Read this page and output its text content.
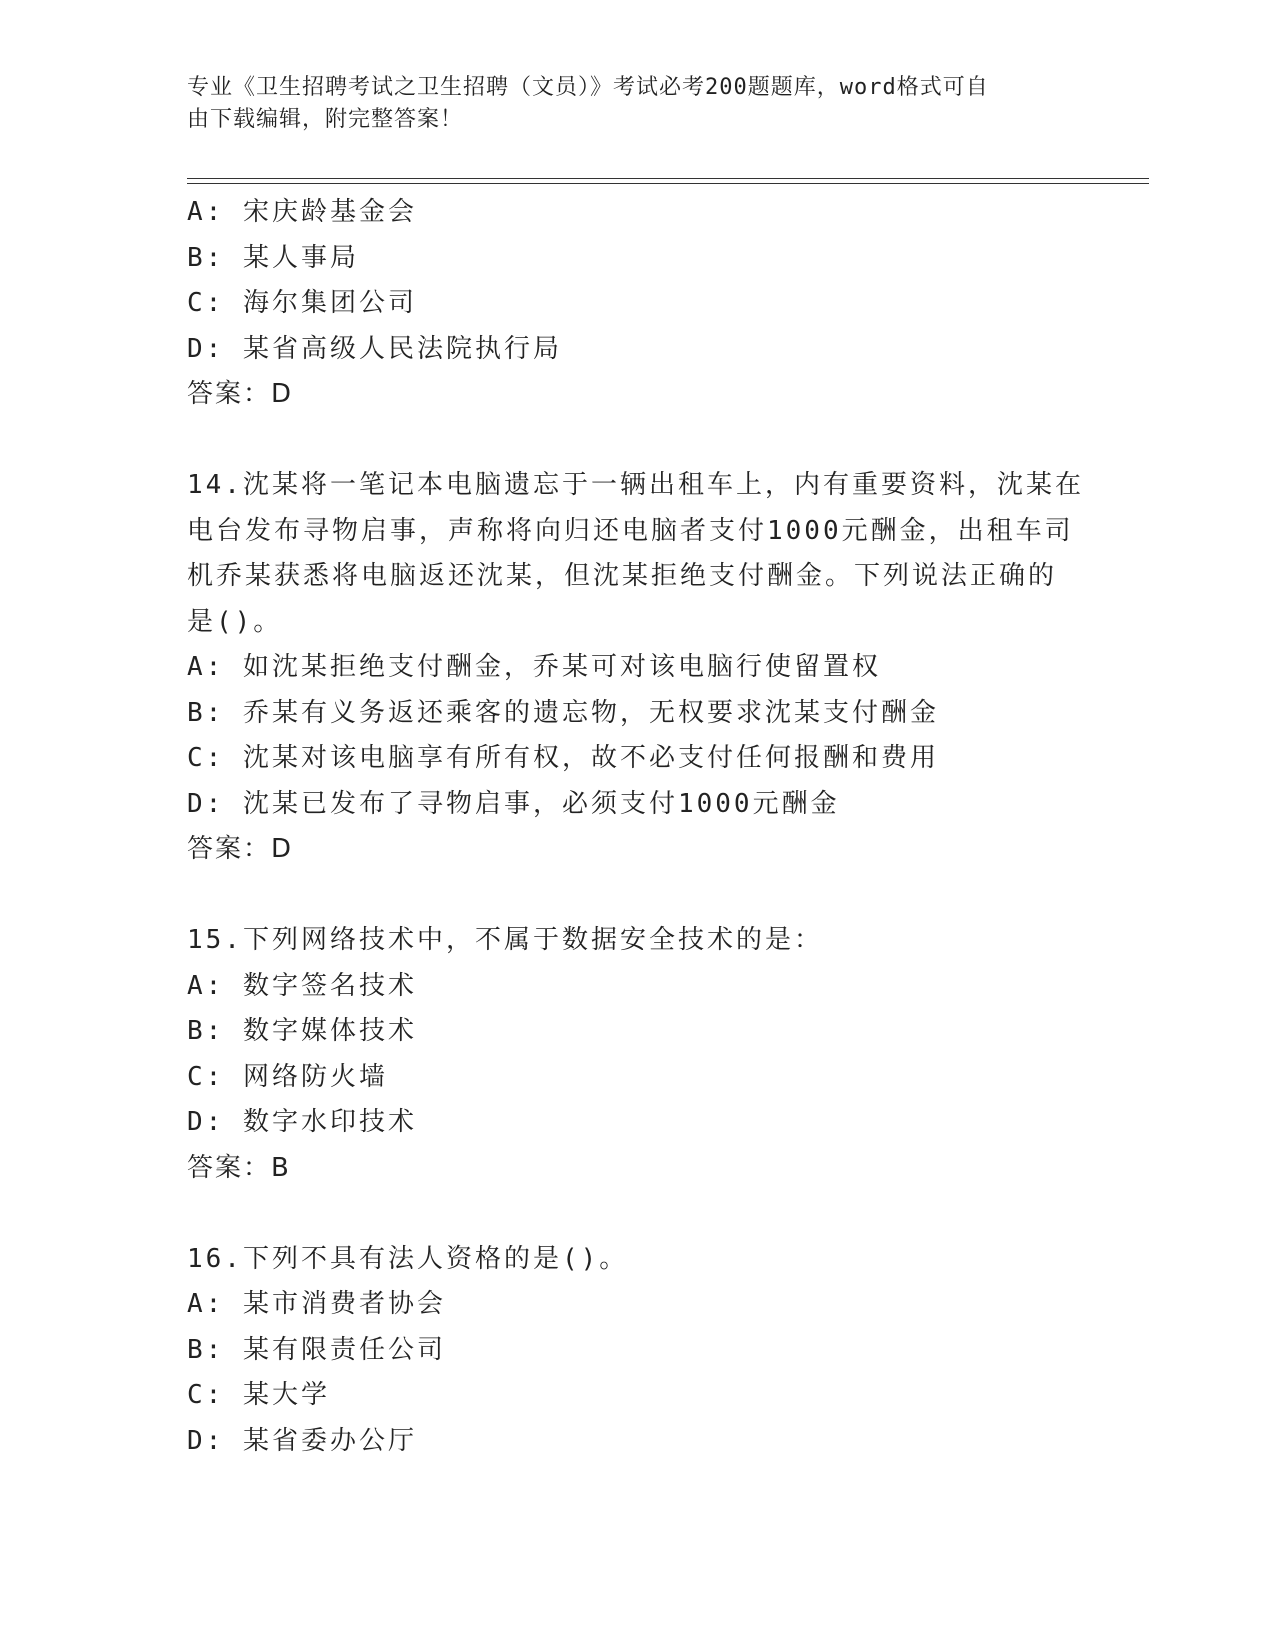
专业《卫生招聘考试之卫生招聘（文员）》考试必考200题题库，word格式可自
由下载编辑，附完整答案！
A: 宋庆龄基金会
B: 某人事局
C: 海尔集团公司
D: 某省高级人民法院执行局
答案：D
14.沈某将一笔记本电脑遗忘于一辆出租车上，内有重要资料，沈某在
电台发布寻物启事，声称将向归还电脑者支付1000元酬金，出租车司
机乔某获悉将电脑返还沈某，但沈某拒绝支付酬金。下列说法正确的
是()。
A: 如沈某拒绝支付酬金，乔某可对该电脑行使留置权
B: 乔某有义务返还乘客的遗忘物，无权要求沈某支付酬金
C: 沈某对该电脑享有所有权，故不必支付任何报酬和费用
D: 沈某已发布了寻物启事，必须支付1000元酬金
答案：D
15.下列网络技术中，不属于数据安全技术的是：
A: 数字签名技术
B: 数字媒体技术
C: 网络防火墙
D: 数字水印技术
答案：B
16.下列不具有法人资格的是()。
A: 某市消费者协会
B: 某有限责任公司
C: 某大学
D: 某省委办公厅
